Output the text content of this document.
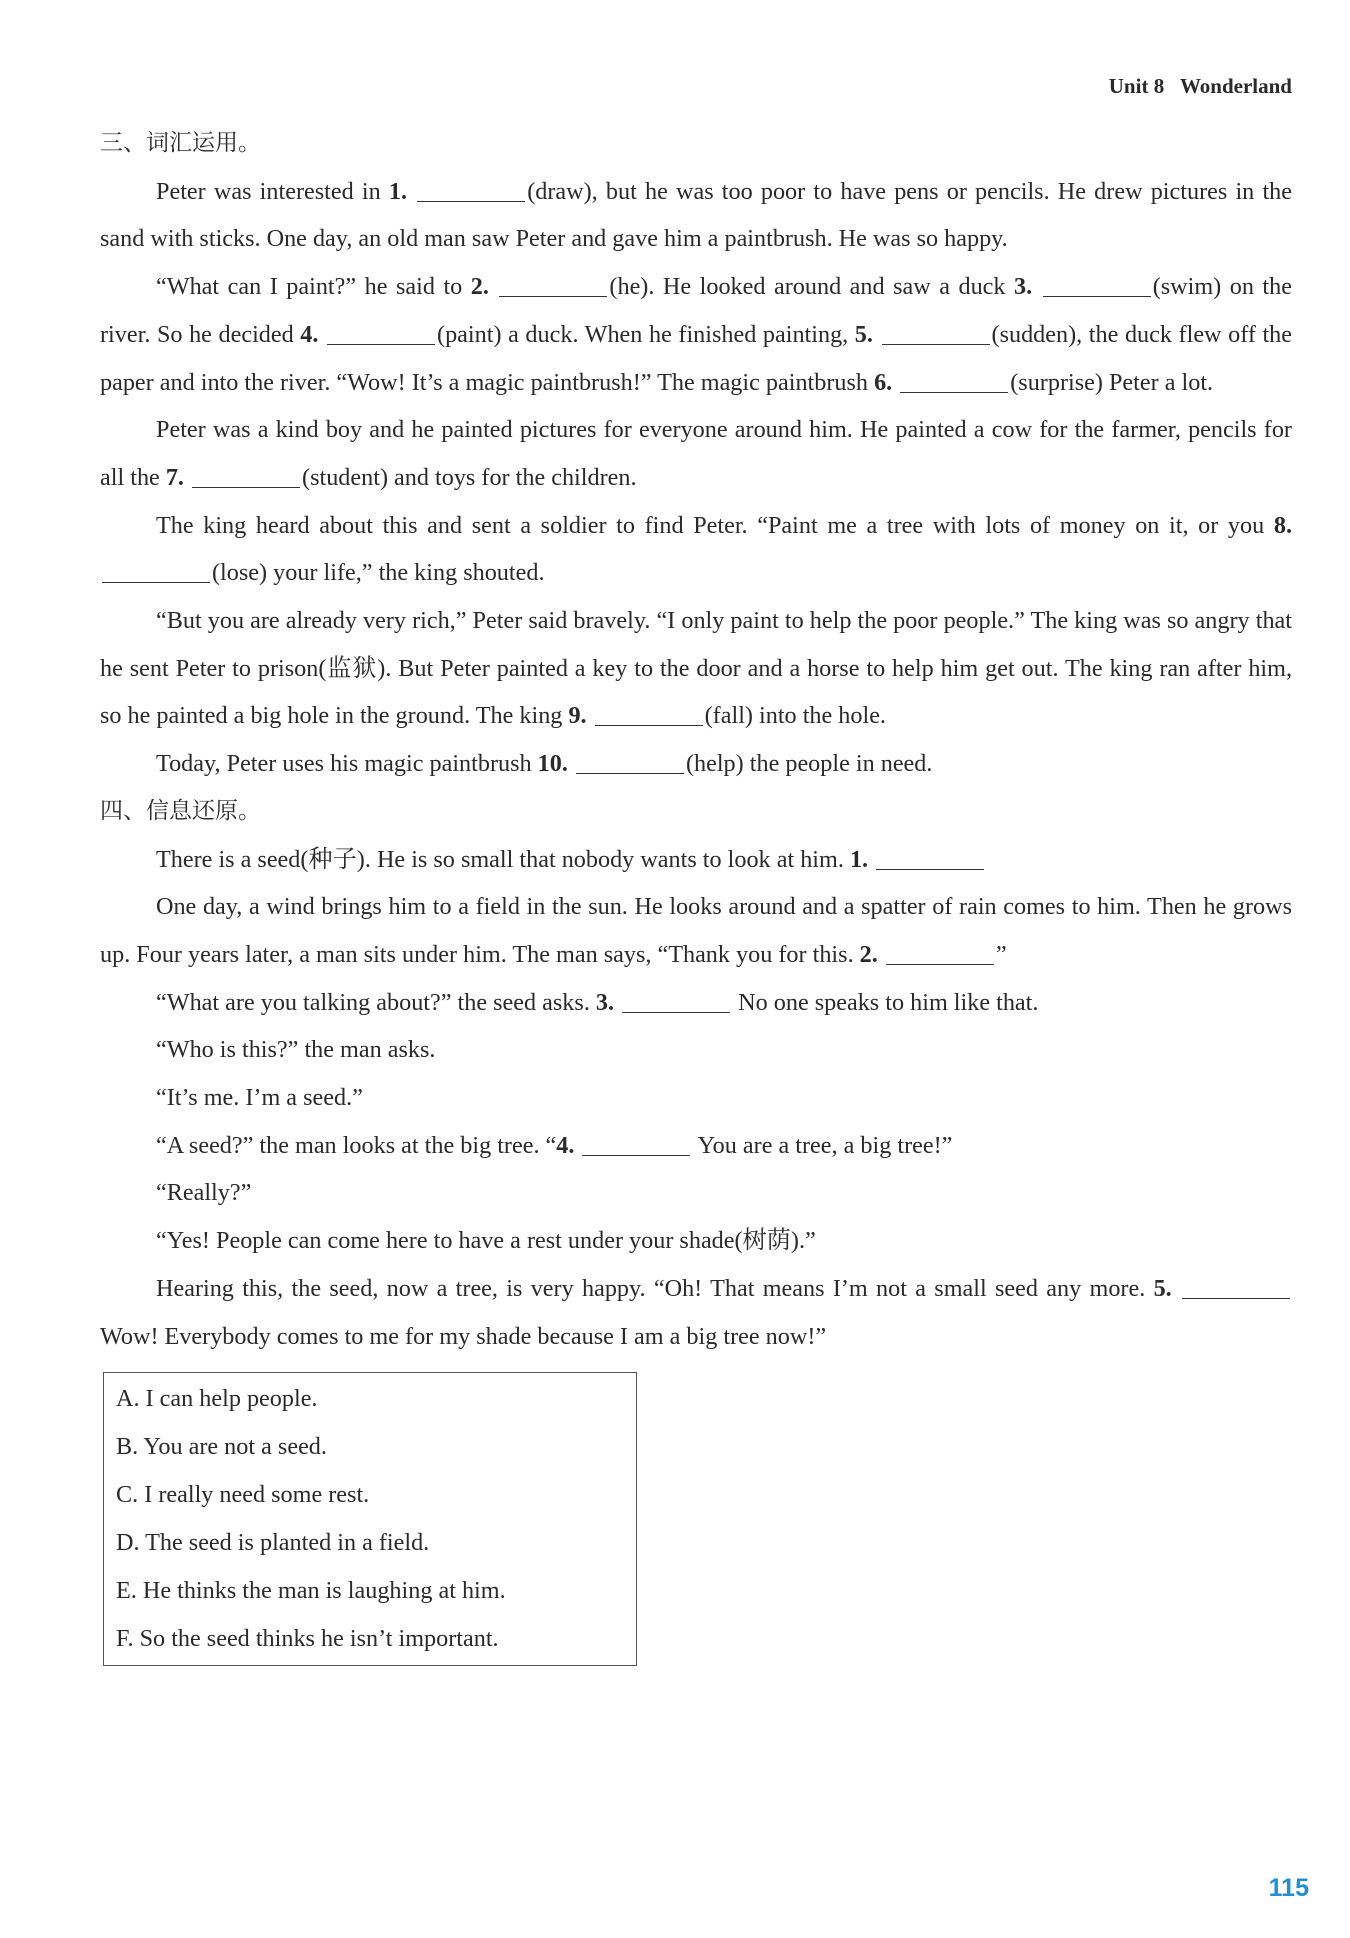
Unit 8 Wonderland

三、词汇运用。

Peter was interested in 1.	(draw), but he was too poor to have pens or pencils. He drew pictures in the sand with sticks. One day, an old man saw Peter and gave him a paintbrush. He was so happy.

“What can I paint?” he said to 2.	(he). He looked around and saw a duck 3.	(swim) on the river. So he decided 4.	(paint) a duck. When he finished painting, 5.	(sudden), the duck flew off the paper and into the river. “Wow! It’s a magic paintbrush!” The magic paintbrush 6.	(surprise) Peter a lot.

Peter was a kind boy and he painted pictures for everyone around him. He painted a cow for the farmer, pencils for all the 7.	(student) and toys for the children.

The king heard about this and sent a soldier to find Peter. “Paint me a tree with lots of money on it, or you 8. (lose) your life,” the king shouted.

“But you are already very rich,” Peter said bravely. “I only paint to help the poor people.” The king was so angry that he sent Peter to prison(监狱). But Peter painted a key to the door and a horse to help him get out. The king ran after him, so he painted a big hole in the ground. The king 9.	(fall) into the hole.

Today, Peter uses his magic paintbrush 10.	(help) the people in need.

四、信息还原。

There is a seed(种子). He is so small that nobody wants to look at him. 1.

One day, a wind brings him to a field in the sun. He looks around and a spatter of rain comes to him. Then he grows up. Four years later, a man sits under him. The man says, “Thank you for this. 2.	”

“What are you talking about?” the seed asks. 3.	No one speaks to him like that.

“Who is this?” the man asks.

“It’s me. I’m a seed.”

“A seed?” the man looks at the big tree. “4.	You are a tree, a big tree!”

“Really?”

“Yes! People can come here to have a rest under your shade(树荫).”

Hearing this, the seed, now a tree, is very happy. “Oh! That means I’m not a small seed any more. 5.  Wow! Everybody comes to me for my shade because I am a big tree now!”

A. I can help people.

B. You are not a seed.

C. I really need some rest.

D. The seed is planted in a field.

E. He thinks the man is laughing at him.

F. So the seed thinks he isn’t important.

115
